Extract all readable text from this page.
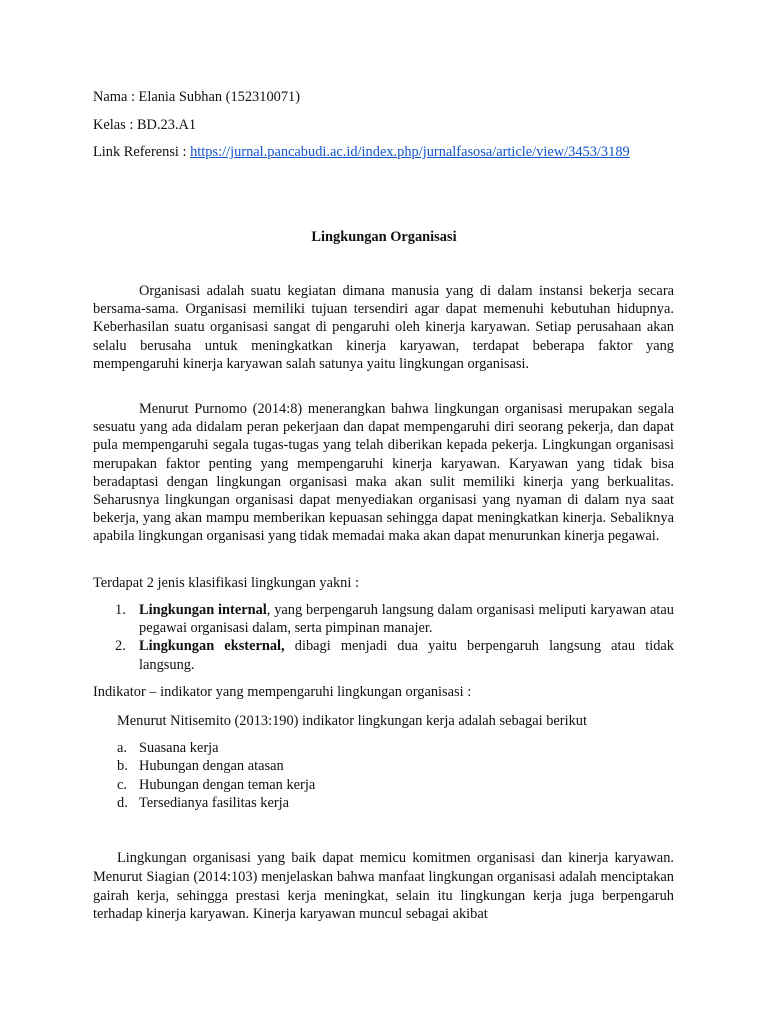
Nama : Elania Subhan (152310071)
Kelas : BD.23.A1
Link Referensi : https://jurnal.pancabudi.ac.id/index.php/jurnalfasosa/article/view/3453/3189
Lingkungan Organisasi

Organisasi adalah suatu kegiatan dimana manusia yang di dalam instansi bekerja secara bersama-sama. Organisasi memiliki tujuan tersendiri agar dapat memenuhi kebutuhan hidupnya. Keberhasilan suatu organisasi sangat di pengaruhi oleh kinerja karyawan. Setiap perusahaan akan selalu berusaha untuk meningkatkan kinerja karyawan, terdapat beberapa faktor yang mempengaruhi kinerja karyawan salah satunya yaitu lingkungan organisasi.

Menurut Purnomo (2014:8) menerangkan bahwa lingkungan organisasi merupakan segala sesuatu yang ada didalam peran pekerjaan dan dapat mempengaruhi diri seorang pekerja, dan dapat pula mempengaruhi segala tugas-tugas yang telah diberikan kepada pekerja. Lingkungan organisasi merupakan faktor penting yang mempengaruhi kinerja karyawan. Karyawan yang tidak bisa beradaptasi dengan lingkungan organisasi maka akan sulit memiliki kinerja yang berkualitas. Seharusnya lingkungan organisasi dapat menyediakan organisasi yang nyaman di dalam nya saat bekerja, yang akan mampu memberikan kepuasan sehingga dapat meningkatkan kinerja. Sebaliknya apabila lingkungan organisasi yang tidak memadai maka akan dapat menurunkan kinerja pegawai.

Terdapat 2 jenis klasifikasi lingkungan yakni :
1. Lingkungan internal, yang berpengaruh langsung dalam organisasi meliputi karyawan atau pegawai organisasi dalam, serta pimpinan manajer.
2. Lingkungan eksternal, dibagi menjadi dua yaitu berpengaruh langsung atau tidak langsung.
Indikator – indikator yang mempengaruhi lingkungan organisasi :
Menurut Nitisemito (2013:190) indikator lingkungan kerja adalah sebagai berikut
a. Suasana kerja
b. Hubungan dengan atasan
c. Hubungan dengan teman kerja
d. Tersedianya fasilitas kerja

Lingkungan organisasi yang baik dapat memicu komitmen organisasi dan kinerja karyawan. Menurut Siagian (2014:103) menjelaskan bahwa manfaat lingkungan organisasi adalah menciptakan gairah kerja, sehingga prestasi kerja meningkat, selain itu lingkungan kerja juga berpengaruh terhadap kinerja karyawan. Kinerja karyawan muncul sebagai akibat
